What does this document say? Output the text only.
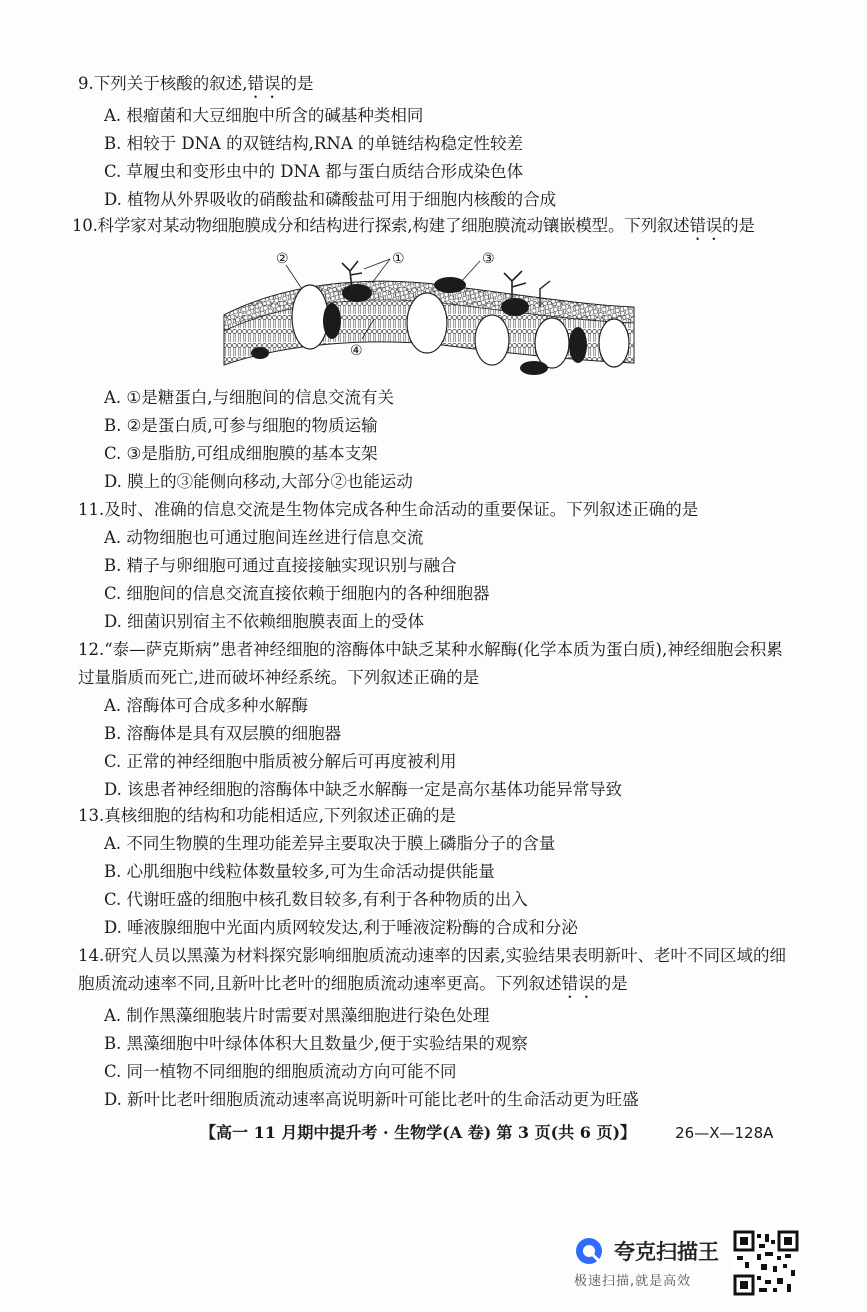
9.下列关于核酸的叙述,错误的是
A. 根瘤菌和大豆细胞中所含的碱基种类相同
B. 相较于 DNA 的双链结构,RNA 的单链结构稳定性较差
C. 草履虫和变形虫中的 DNA 都与蛋白质结合形成染色体
D. 植物从外界吸收的硝酸盐和磷酸盐可用于细胞内核酸的合成
10.科学家对某动物细胞膜成分和结构进行探索,构建了细胞膜流动镶嵌模型。下列叙述错误的是
②	①	③
④
A. ①是糖蛋白,与细胞间的信息交流有关
B. ②是蛋白质,可参与细胞的物质运输
C. ③是脂肪,可组成细胞膜的基本支架
D. 膜上的③能侧向移动,大部分②也能运动
11.及时、准确的信息交流是生物体完成各种生命活动的重要保证。下列叙述正确的是
A. 动物细胞也可通过胞间连丝进行信息交流
B. 精子与卵细胞可通过直接接触实现识别与融合
C. 细胞间的信息交流直接依赖于细胞内的各种细胞器
D. 细菌识别宿主不依赖细胞膜表面上的受体
12.“泰—萨克斯病”患者神经细胞的溶酶体中缺乏某种水解酶(化学本质为蛋白质),神经细胞会积累过量脂质而死亡,进而破坏神经系统。下列叙述正确的是
A. 溶酶体可合成多种水解酶
B. 溶酶体是具有双层膜的细胞器
C. 正常的神经细胞中脂质被分解后可再度被利用
D. 该患者神经细胞的溶酶体中缺乏水解酶一定是高尔基体功能异常导致
13.真核细胞的结构和功能相适应,下列叙述正确的是
A. 不同生物膜的生理功能差异主要取决于膜上磷脂分子的含量
B. 心肌细胞中线粒体数量较多,可为生命活动提供能量
C. 代谢旺盛的细胞中核孔数目较多,有利于各种物质的出入
D. 唾液腺细胞中光面内质网较发达,利于唾液淀粉酶的合成和分泌
14.研究人员以黑藻为材料探究影响细胞质流动速率的因素,实验结果表明新叶、老叶不同区域的细胞质流动速率不同,且新叶比老叶的细胞质流动速率更高。下列叙述错误的是
A. 制作黑藻细胞装片时需要对黑藻细胞进行染色处理
B. 黑藻细胞中叶绿体体积大且数量少,便于实验结果的观察
C. 同一植物不同细胞的细胞质流动方向可能不同
D. 新叶比老叶细胞质流动速率高说明新叶可能比老叶的生命活动更为旺盛
【高一 11 月期中提升考 · 生物学(A 卷) 第 3 页(共 6 页)】	26—X—128A
夸克扫描王
极速扫描,就是高效
